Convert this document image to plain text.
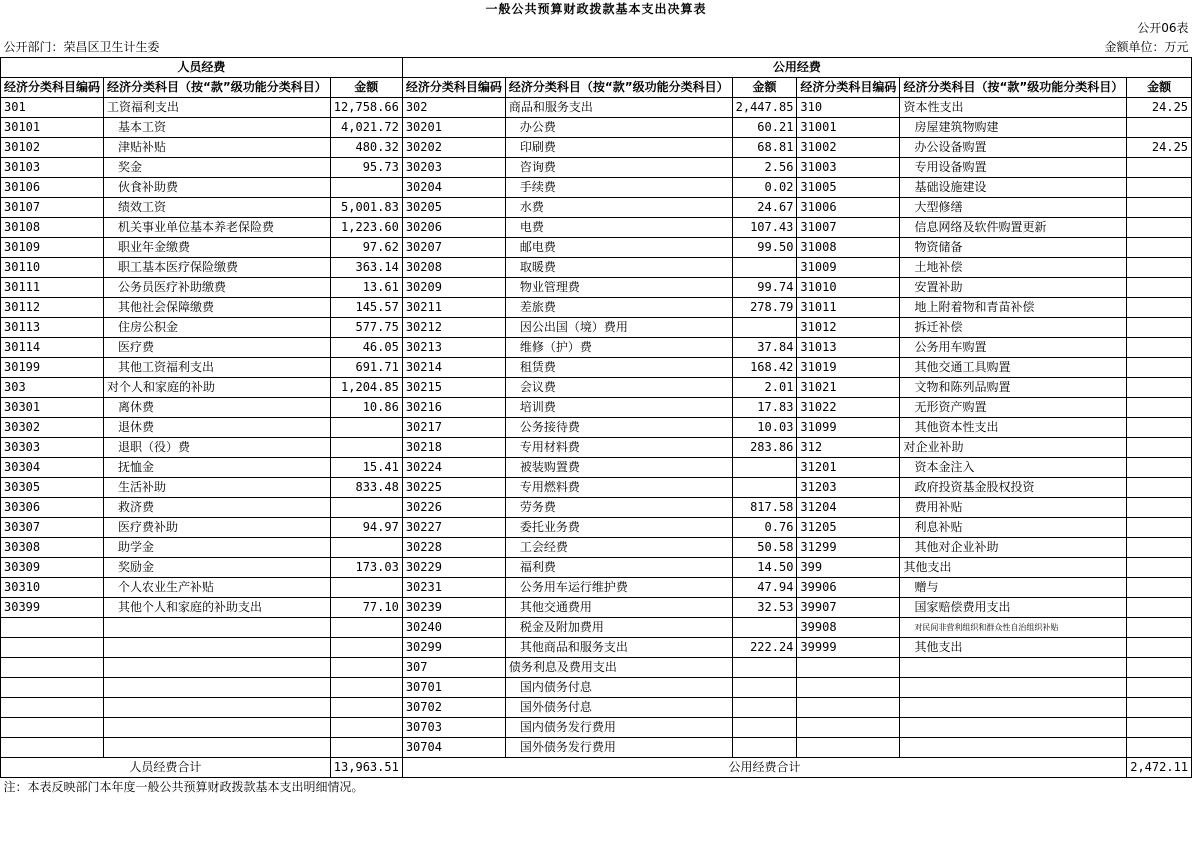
一般公共预算财政拨款基本支出决算表								
公开06表								
公开部门：荣昌区卫生计生委					金额单位：万元			
人员经费			公用经费					
经济分类科目编码	经济分类科目（按“款”级功能分类科目）	金额	经济分类科目编码	经济分类科目（按“款”级功能分类科目）	金额	经济分类科目编码	经济分类科目（按“款”级功能分类科目）	金额
301	工资福利支出	12,758.66	302	商品和服务支出	2,447.85	310	资本性支出	24.25
30101	基本工资	4,021.72	30201	办公费	60.21	31001	房屋建筑物购建	
30102	津贴补贴	480.32	30202	印刷费	68.81	31002	办公设备购置	24.25
30103	奖金	95.73	30203	咨询费	2.56	31003	专用设备购置	
30106	伙食补助费		30204	手续费	0.02	31005	基础设施建设	
30107	绩效工资	5,001.83	30205	水费	24.67	31006	大型修缮	
30108	机关事业单位基本养老保险费	1,223.60	30206	电费	107.43	31007	信息网络及软件购置更新	
30109	职业年金缴费	97.62	30207	邮电费	99.50	31008	物资储备	
30110	职工基本医疗保险缴费	363.14	30208	取暖费		31009	土地补偿	
30111	公务员医疗补助缴费	13.61	30209	物业管理费	99.74	31010	安置补助	
30112	其他社会保障缴费	145.57	30211	差旅费	278.79	31011	地上附着物和青苗补偿	
30113	住房公积金	577.75	30212	因公出国（境）费用		31012	拆迁补偿	
30114	医疗费	46.05	30213	维修（护）费	37.84	31013	公务用车购置	
30199	其他工资福利支出	691.71	30214	租赁费	168.42	31019	其他交通工具购置	
303	对个人和家庭的补助	1,204.85	30215	会议费	2.01	31021	文物和陈列品购置	
30301	离休费	10.86	30216	培训费	17.83	31022	无形资产购置	
30302	退休费		30217	公务接待费	10.03	31099	其他资本性支出	
30303	退职（役）费		30218	专用材料费	283.86	312	对企业补助	
30304	抚恤金	15.41	30224	被装购置费		31201	资本金注入	
30305	生活补助	833.48	30225	专用燃料费		31203	政府投资基金股权投资	
30306	救济费		30226	劳务费	817.58	31204	费用补贴	
30307	医疗费补助	94.97	30227	委托业务费	0.76	31205	利息补贴	
30308	助学金		30228	工会经费	50.58	31299	其他对企业补助	
30309	奖励金	173.03	30229	福利费	14.50	399	其他支出	
30310	个人农业生产补贴		30231	公务用车运行维护费	47.94	39906	赠与	
30399	其他个人和家庭的补助支出	77.10	30239	其他交通费用	32.53	39907	国家赔偿费用支出	
			30240	税金及附加费用		39908	对民间非营利组织和群众性自治组织补贴	
			30299	其他商品和服务支出	222.24	39999	其他支出	
			307	债务利息及费用支出				
			30701	国内债务付息				
			30702	国外债务付息				
			30703	国内债务发行费用				
			30704	国外债务发行费用				
人员经费合计		13,963.51	公用经费合计					2,472.11
注：本表反映部门本年度一般公共预算财政拨款基本支出明细情况。								
